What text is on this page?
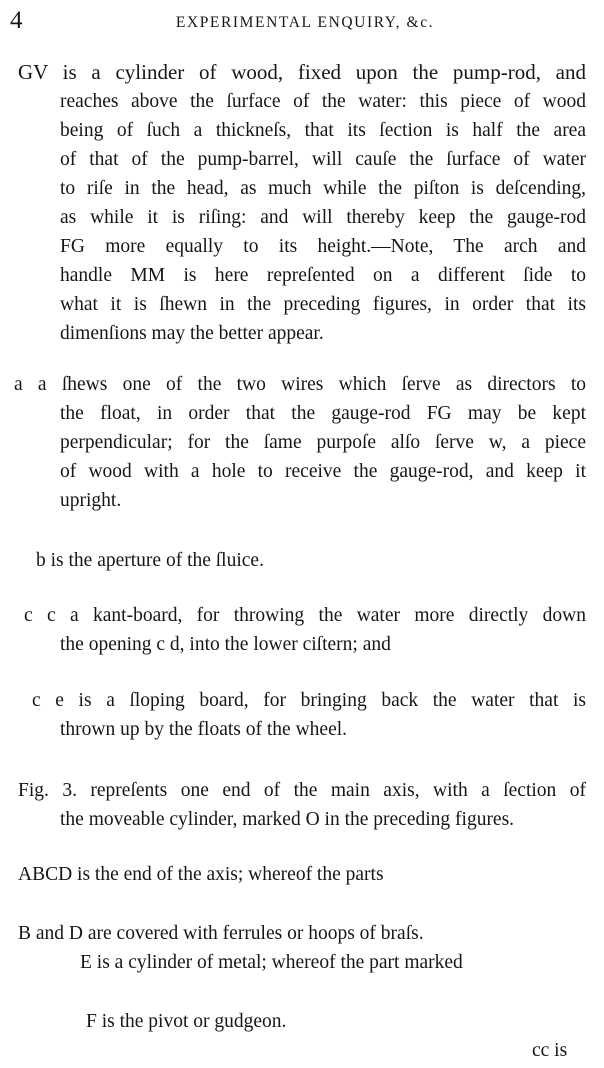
4	EXPERIMENTAL ENQUIRY, &c.
GV is a cylinder of wood, fixed upon the pump-rod, and
reaches above the ſurface of the water: this piece of wood
being of ſuch a thickneſs, that its ſection is half the area
of that of the pump-barrel, will cauſe the ſurface of water
to riſe in the head, as much while the piſton is deſcending,
as while it is riſing: and will thereby keep the gauge-rod
FG more equally to its height.—Note, The arch and
handle MM is here repreſented on a different ſide to
what it is ſhewn in the preceding figures, in order that its
dimenſions may the better appear.
a a ſhews one of the two wires which ſerve as directors to
the float, in order that the gauge-rod FG may be kept
perpendicular; for the ſame purpoſe alſo ſerve w, a piece
of wood with a hole to receive the gauge-rod, and keep it
upright.
b is the aperture of the ſluice.
c c a kant-board, for throwing the water more directly down
the opening c d, into the lower ciſtern; and
c e is a ſloping board, for bringing back the water that is
thrown up by the floats of the wheel.
Fig. 3. repreſents one end of the main axis, with a ſection of
the moveable cylinder, marked O in the preceding figures.
ABCD is the end of the axis; whereof the parts
B and D are covered with ferrules or hoops of braſs.
E is a cylinder of metal; whereof the part marked
F is the pivot or gudgeon.
cc is
